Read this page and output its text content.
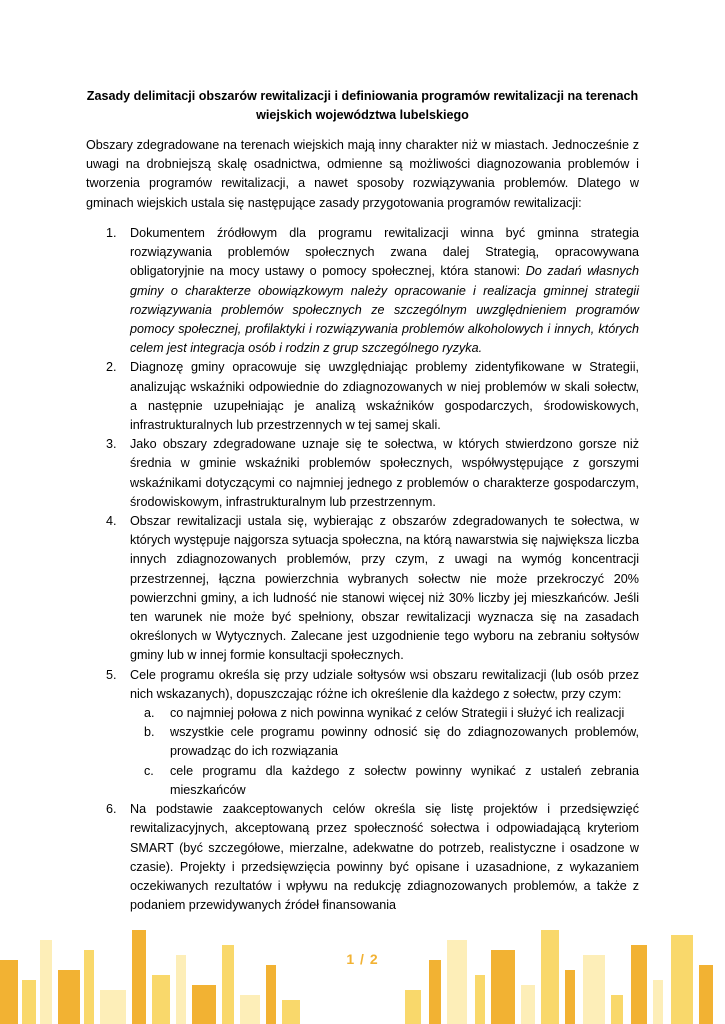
Zasady delimitacji obszarów rewitalizacji i definiowania programów rewitalizacji na terenach wiejskich województwa lubelskiego
Obszary zdegradowane na terenach wiejskich mają inny charakter niż w miastach. Jednocześnie z uwagi na drobniejszą skalę osadnictwa, odmienne są możliwości diagnozowania problemów i tworzenia programów rewitalizacji, a nawet sposoby rozwiązywania problemów. Dlatego w gminach wiejskich ustala się następujące zasady przygotowania programów rewitalizacji:
1. Dokumentem źródłowym dla programu rewitalizacji winna być gminna strategia rozwiązywania problemów społecznych zwana dalej Strategią, opracowywana obligatoryjnie na mocy ustawy o pomocy społecznej, która stanowi: Do zadań własnych gminy o charakterze obowiązkowym należy opracowanie i realizacja gminnej strategii rozwiązywania problemów społecznych ze szczególnym uwzględnieniem programów pomocy społecznej, profilaktyki i rozwiązywania problemów alkoholowych i innych, których celem jest integracja osób i rodzin z grup szczególnego ryzyka.
2. Diagnozę gminy opracowuje się uwzględniając problemy zidentyfikowane w Strategii, analizując wskaźniki odpowiednie do zdiagnozowanych w niej problemów w skali sołectw, a następnie uzupełniając je analizą wskaźników gospodarczych, środowiskowych, infrastrukturalnych lub przestrzennych w tej samej skali.
3. Jako obszary zdegradowane uznaje się te sołectwa, w których stwierdzono gorsze niż średnia w gminie wskaźniki problemów społecznych, współwystępujące z gorszymi wskaźnikami dotyczącymi co najmniej jednego z problemów o charakterze gospodarczym, środowiskowym, infrastrukturalnym lub przestrzennym.
4. Obszar rewitalizacji ustala się, wybierając z obszarów zdegradowanych te sołectwa, w których występuje najgorsza sytuacja społeczna, na którą nawarstwia się największa liczba innych zdiagnozowanych problemów, przy czym, z uwagi na wymóg koncentracji przestrzennej, łączna powierzchnia wybranych sołectw nie może przekroczyć 20% powierzchni gminy, a ich ludność nie stanowi więcej niż 30% liczby jej mieszkańców. Jeśli ten warunek nie może być spełniony, obszar rewitalizacji wyznacza się na zasadach określonych w Wytycznych. Zalecane jest uzgodnienie tego wyboru na zebraniu sołtysów gminy lub w innej formie konsultacji społecznych.
5. Cele programu określa się przy udziale sołtysów wsi obszaru rewitalizacji (lub osób przez nich wskazanych), dopuszczając różne ich określenie dla każdego z sołectw, przy czym:
a. co najmniej połowa z nich powinna wynikać z celów Strategii i służyć ich realizacji
b. wszystkie cele programu powinny odnosić się do zdiagnozowanych problemów, prowadząc do ich rozwiązania
c. cele programu dla każdego z sołectw powinny wynikać z ustaleń zebrania mieszkańców
6. Na podstawie zaakceptowanych celów określa się listę projektów i przedsięwzięć rewitalizacyjnych, akceptowaną przez społeczność sołectwa i odpowiadającą kryteriom SMART (być szczegółowe, mierzalne, adekwatne do potrzeb, realistyczne i osadzone w czasie). Projekty i przedsięwzięcia powinny być opisane i uzasadnione, z wykazaniem oczekiwanych rezultatów i wpływu na redukcję zdiagnozowanych problemów, a także z podaniem przewidywanych źródeł finansowania
1 / 2
